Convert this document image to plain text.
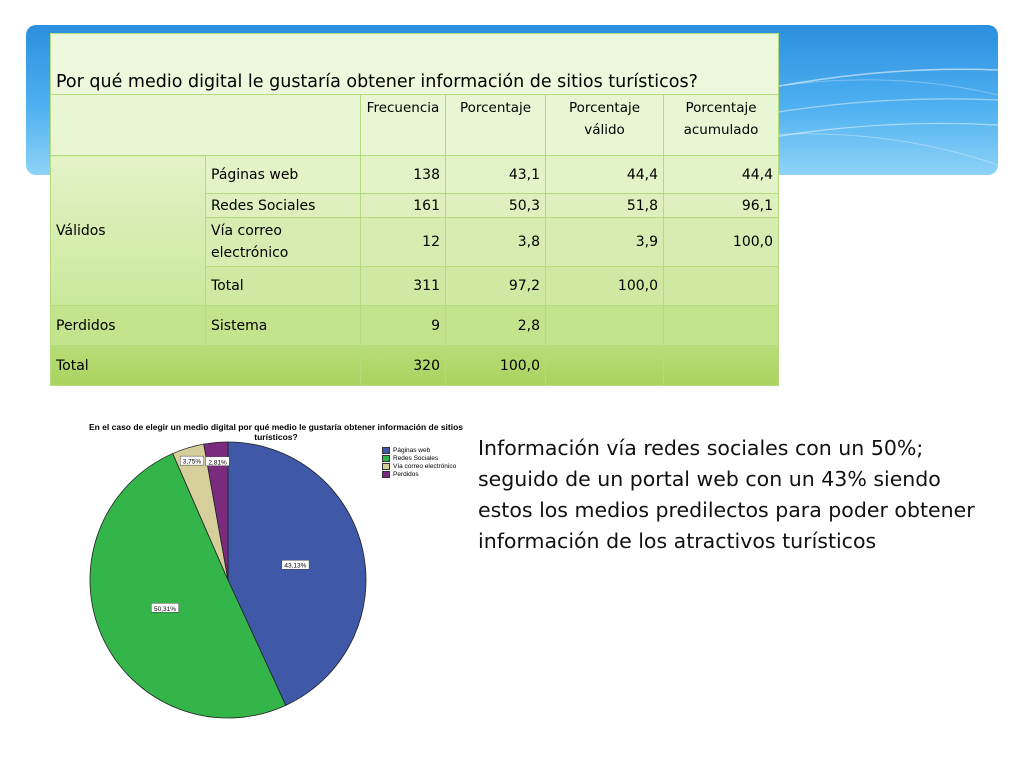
Por qué medio digital le gustaría obtener información de sitios turísticos?					
		Frecuencia	Porcentaje	Porcentaje válido	Porcentaje acumulado
Válidos	Páginas web	138	43,1	44,4	44,4
	Redes Sociales	161	50,3	51,8	96,1
	Vía correo electrónico	12	3,8	3,9	100,0
	Total	311	97,2	100,0	
Perdidos	Sistema	9	2,8		
Total		320	100,0		
En el caso de elegir un medio digital por qué medio le gustaría obtener información de sitios turísticos?
43,13%
50,31%
3,75% 2,81%
Páginas web
Redes Sociales
Vía correo electrónico
Perdidos
Información vía redes sociales con un 50%; seguido de un portal web con un 43% siendo estos los medios predilectos para poder obtener información de los atractivos turísticos
